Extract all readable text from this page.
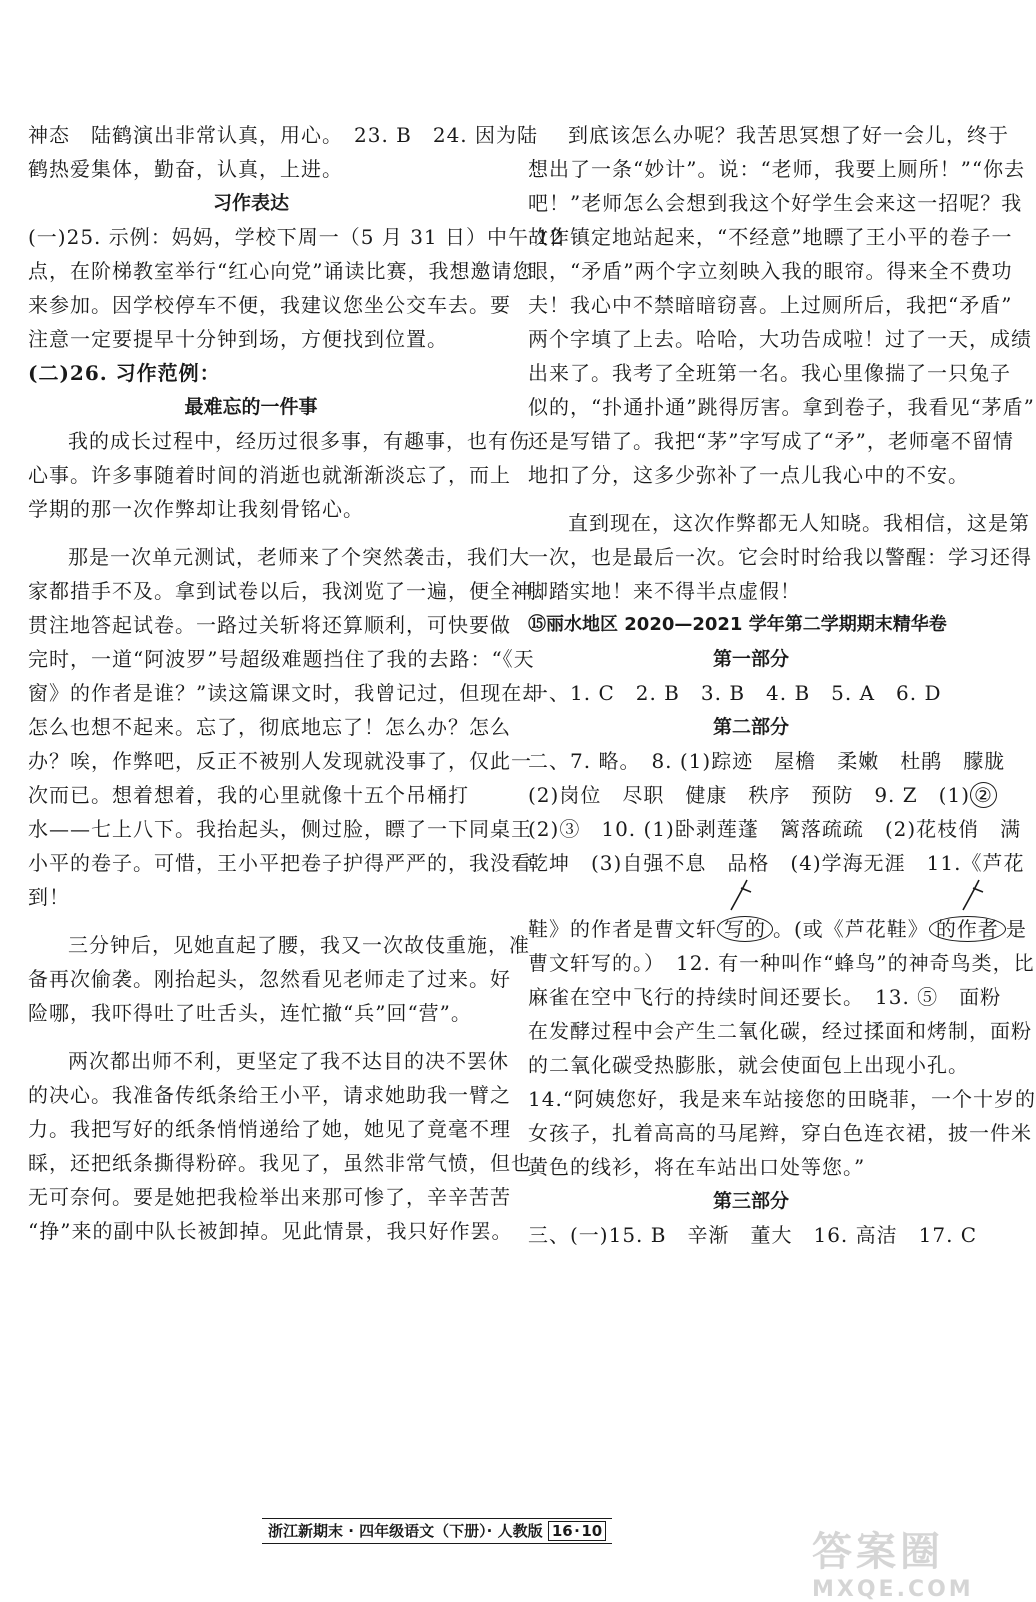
神态　陆鹤演出非常认真，用心。　23. B　24. 因为陆
鹤热爱集体，勤奋，认真，上进。
习作表达
(一)25. 示例：妈妈，学校下周一（5 月 31 日）中午 12
点，在阶梯教室举行“红心向党”诵读比赛，我想邀请您
来参加。因学校停车不便，我建议您坐公交车去。要
注意一定要提早十分钟到场，方便找到位置。
(二)26. 习作范例：
最难忘的一件事
我的成长过程中，经历过很多事，有趣事，也有伤
心事。许多事随着时间的消逝也就渐渐淡忘了，而上
学期的那一次作弊却让我刻骨铭心。
那是一次单元测试，老师来了个突然袭击，我们大
家都措手不及。拿到试卷以后，我浏览了一遍，便全神
贯注地答起试卷。一路过关斩将还算顺利，可快要做
完时，一道“阿波罗”号超级难题挡住了我的去路：“《天
窗》的作者是谁？”读这篇课文时，我曾记过，但现在却
怎么也想不起来。忘了，彻底地忘了！怎么办？怎么
办？唉，作弊吧，反正不被别人发现就没事了，仅此一
次而已。想着想着，我的心里就像十五个吊桶打
水——七上八下。我抬起头，侧过脸，瞟了一下同桌王
小平的卷子。可惜，王小平把卷子护得严严的，我没看
到！
三分钟后，见她直起了腰，我又一次故伎重施，准
备再次偷袭。刚抬起头，忽然看见老师走了过来。好
险哪，我吓得吐了吐舌头，连忙撤“兵”回“营”。
两次都出师不利，更坚定了我不达目的决不罢休
的决心。我准备传纸条给王小平，请求她助我一臂之
力。我把写好的纸条悄悄递给了她，她见了竟毫不理
睬，还把纸条撕得粉碎。我见了，虽然非常气愤，但也
无可奈何。要是她把我检举出来那可惨了，辛辛苦苦
“挣”来的副中队长被卸掉。见此情景，我只好作罢。
到底该怎么办呢？我苦思冥想了好一会儿，终于
想出了一条“妙计”。说：“老师，我要上厕所！”“你去
吧！”老师怎么会想到我这个好学生会来这一招呢？我
故作镇定地站起来，“不经意”地瞟了王小平的卷子一
眼，“矛盾”两个字立刻映入我的眼帘。得来全不费功
夫！我心中不禁暗暗窃喜。上过厕所后，我把“矛盾”
两个字填了上去。哈哈，大功告成啦！过了一天，成绩
出来了。我考了全班第一名。我心里像揣了一只兔子
似的，“扑通扑通”跳得厉害。拿到卷子，我看见“茅盾”
还是写错了。我把“茅”字写成了“矛”，老师毫不留情
地扣了分，这多少弥补了一点儿我心中的不安。
直到现在，这次作弊都无人知晓。我相信，这是第
一次，也是最后一次。它会时时给我以警醒：学习还得
脚踏实地！来不得半点虚假！
⑮丽水地区 2020—2021 学年第二学期期末精华卷
第一部分
一、1. C　2. B　3. B　4. B　5. A　6. D
第二部分
二、7. 略。　8. (1)踪迹　屋檐　柔嫩　杜鹃　朦胧
(2)岗位　尽职　健康　秩序　预防　9. Z　(1) ②
(2)③　10. (1)卧剥莲蓬　篱落疏疏　(2)花枝俏　满
乾坤　(3)自强不息　品格　(4)学海无涯　11.《芦花
鞋》的作者是曹文轩 写的 。(或《芦花鞋》 的作者 是
曹文轩写的。）　12. 有一种叫作“蜂鸟”的神奇鸟类，比
麻雀在空中飞行的持续时间还要长。　13. ⑤　面粉
在发酵过程中会产生二氧化碳，经过揉面和烤制，面粉
的二氧化碳受热膨胀，就会使面包上出现小孔。
14.“阿姨您好，我是来车站接您的田晓菲，一个十岁的
女孩子，扎着高高的马尾辫，穿白色连衣裙，披一件米
黄色的线衫，将在车站出口处等您。”
第三部分
三、(一)15. B　辛渐　董大　16. 高洁　17. C
浙江新期末 · 四年级语文（下册）· 人教版 16 · 10	答案圈
MXQE.COM
